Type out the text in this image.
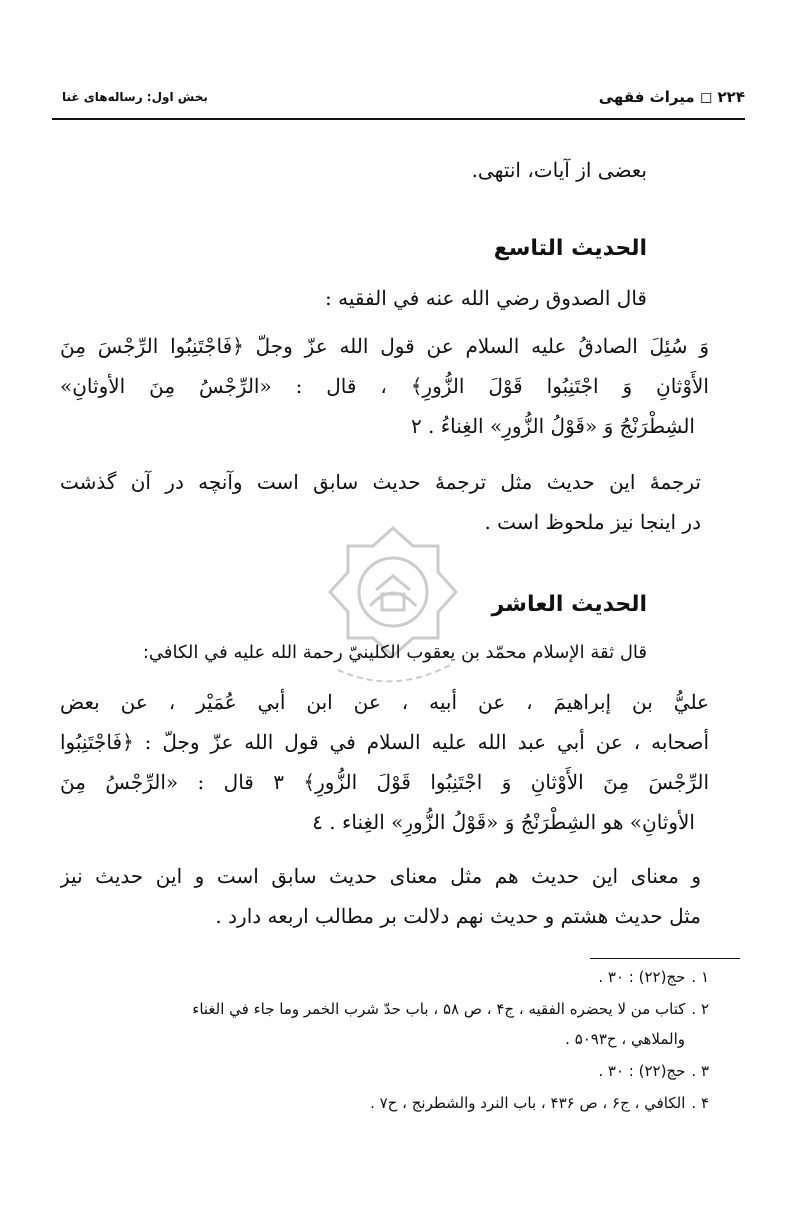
۲۲۴ ◻ میراث فقهی
بخش اول: رساله‌های غنا
بعضی از آیات، انتهی.
الحديث التاسع
قال الصدوق رضي الله عنه في الفقيه :
وَ سُئِلَ الصادقُ عليه السلام عن قول الله عزّ وجلّ ﴿فَاجْتَنِبُوا الرِّجْسَ مِنَ
الأَوْثانِ وَ اجْتَنِبُوا قَوْلَ الزُّورِ﴾ ، قال : «الرِّجْسُ مِنَ الأوثانِ»
الشِطْرَنْجُ وَ «قَوْلُ الزُّورِ» الغِناءُ . ٢
ترجمهٔ این حدیث مثل ترجمهٔ حدیث سابق است وآنچه در آن گذشت
در اینجا نیز ملحوظ است .
الحديث العاشر
قال ثقة الإسلام محمّد بن يعقوب الكلينيّ رحمة الله عليه في الكافي:
عليُّ بن إبراهيمَ ، عن أبيه ، عن ابن أبي عُمَيْر ، عن بعض
أصحابه ، عن أبي عبد الله عليه السلام في قول الله عزّ وجلّ : ﴿فَاجْتَنِبُوا
الرِّجْسَ مِنَ الأَوْثانِ وَ اجْتَنِبُوا قَوْلَ الزُّورِ﴾ ٣ قال : «الرِّجْسُ مِنَ
الأوثانِ» هو الشِطْرَنْجُ وَ «قَوْلُ الزُّورِ» الغِناء . ٤
و معنای این حدیث هم مثل معنای حدیث سابق است و این حدیث نیز
مثل حدیث هشتم و حدیث نهم دلالت بر مطالب اربعه دارد .
۱ .حج(۲۲) : ۳۰ .
۲ .كتاب من لا يحضره الفقيه ، ج۴ ، ص ۵۸ ، باب حدّ شرب الخمر وما جاء في الغناء
والملاهي ، ح۵۰۹۳ .
۳ .حج(۲۲) : ۳۰ .
۴ .الكافي ، ج۶ ، ص ۴۳۶ ، باب النرد والشطرنج ، ح۷ .
